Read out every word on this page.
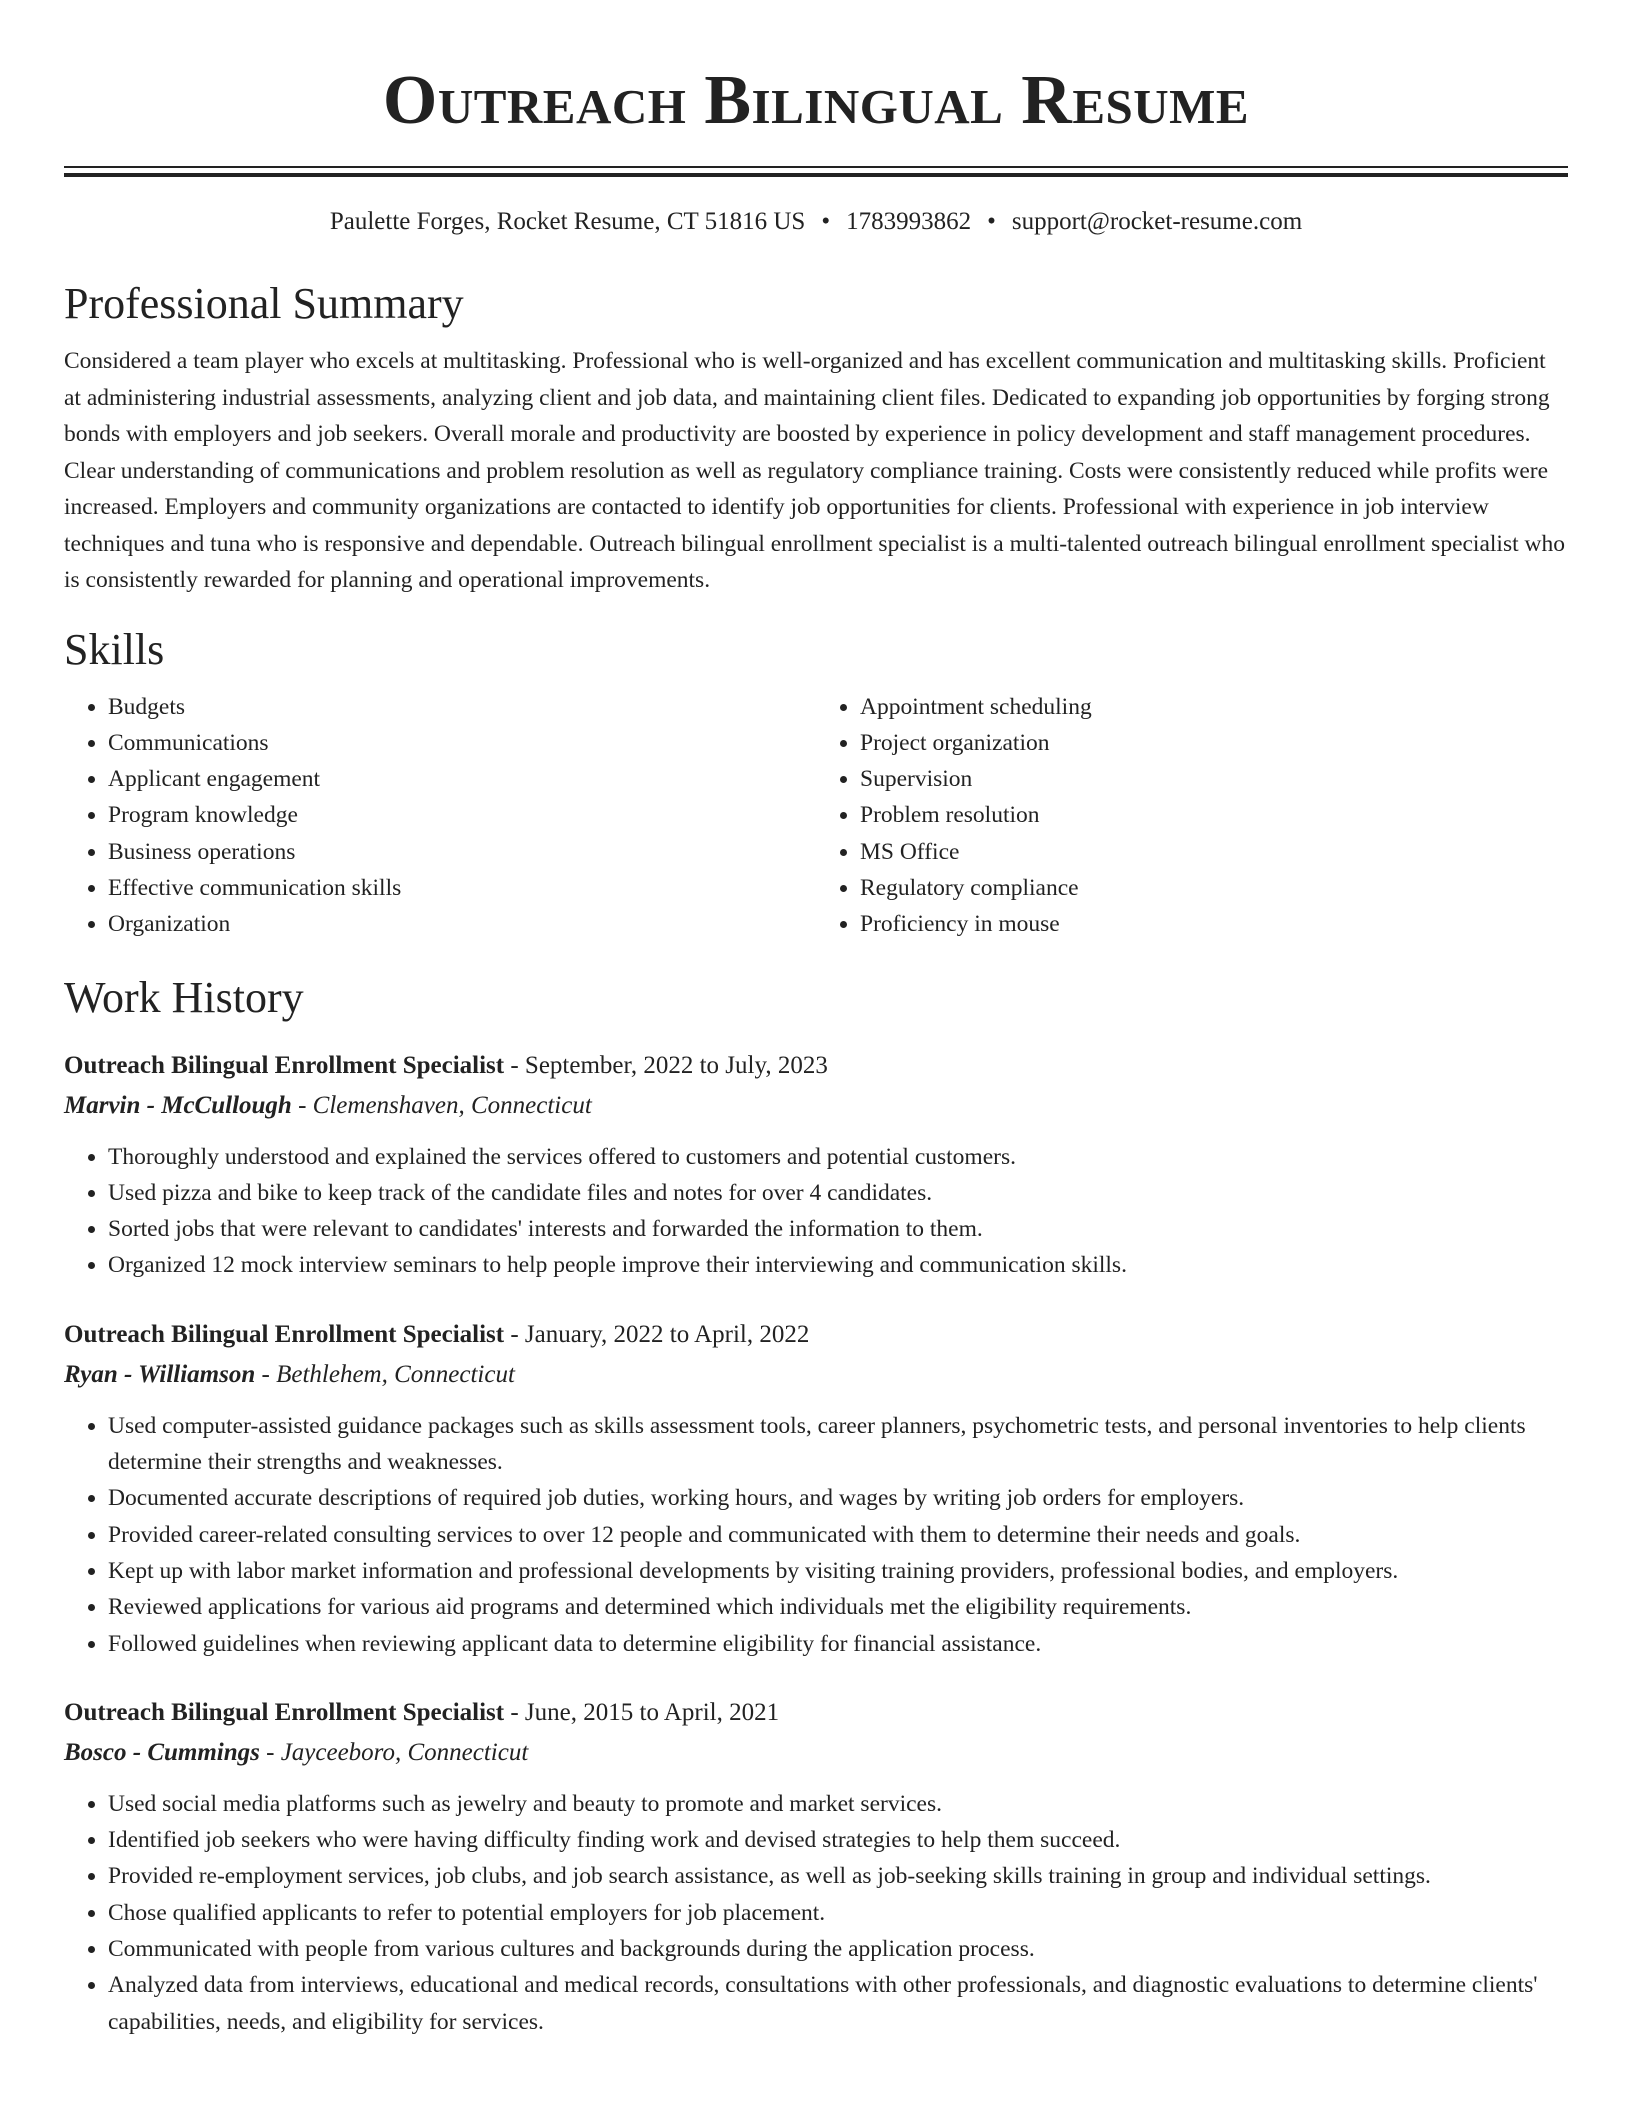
Outreach Bilingual Resume
Paulette Forges, Rocket Resume, CT 51816 US • 1783993862 • support@rocket-resume.com
Professional Summary

Considered a team player who excels at multitasking. Professional who is well-organized and has excellent communication and multitasking skills. Proficient at administering industrial assessments, analyzing client and job data, and maintaining client files. Dedicated to expanding job opportunities by forging strong bonds with employers and job seekers. Overall morale and productivity are boosted by experience in policy development and staff management procedures. Clear understanding of communications and problem resolution as well as regulatory compliance training. Costs were consistently reduced while profits were increased. Employers and community organizations are contacted to identify job opportunities for clients. Professional with experience in job interview techniques and tuna who is responsive and dependable. Outreach bilingual enrollment specialist is a multi-talented outreach bilingual enrollment specialist who is consistently rewarded for planning and operational improvements.

Skills
• Budgets
• Communications
• Applicant engagement
• Program knowledge
• Business operations
• Effective communication skills
• Organization
• Appointment scheduling
• Project organization
• Supervision
• Problem resolution
• MS Office
• Regulatory compliance
• Proficiency in mouse
Work History
Outreach Bilingual Enrollment Specialist - September, 2022 to July, 2023
Marvin - McCullough - Clemenshaven, Connecticut
• Thoroughly understood and explained the services offered to customers and potential customers.
• Used pizza and bike to keep track of the candidate files and notes for over 4 candidates.
• Sorted jobs that were relevant to candidates' interests and forwarded the information to them.
• Organized 12 mock interview seminars to help people improve their interviewing and communication skills.
Outreach Bilingual Enrollment Specialist - January, 2022 to April, 2022
Ryan - Williamson - Bethlehem, Connecticut
• Used computer-assisted guidance packages such as skills assessment tools, career planners, psychometric tests, and personal inventories to help clients determine their strengths and weaknesses.
• Documented accurate descriptions of required job duties, working hours, and wages by writing job orders for employers.
• Provided career-related consulting services to over 12 people and communicated with them to determine their needs and goals.
• Kept up with labor market information and professional developments by visiting training providers, professional bodies, and employers.
• Reviewed applications for various aid programs and determined which individuals met the eligibility requirements.
• Followed guidelines when reviewing applicant data to determine eligibility for financial assistance.
Outreach Bilingual Enrollment Specialist - June, 2015 to April, 2021
Bosco - Cummings - Jayceeboro, Connecticut
• Used social media platforms such as jewelry and beauty to promote and market services.
• Identified job seekers who were having difficulty finding work and devised strategies to help them succeed.
• Provided re-employment services, job clubs, and job search assistance, as well as job-seeking skills training in group and individual settings.
• Chose qualified applicants to refer to potential employers for job placement.
• Communicated with people from various cultures and backgrounds during the application process.
• Analyzed data from interviews, educational and medical records, consultations with other professionals, and diagnostic evaluations to determine clients' capabilities, needs, and eligibility for services.
